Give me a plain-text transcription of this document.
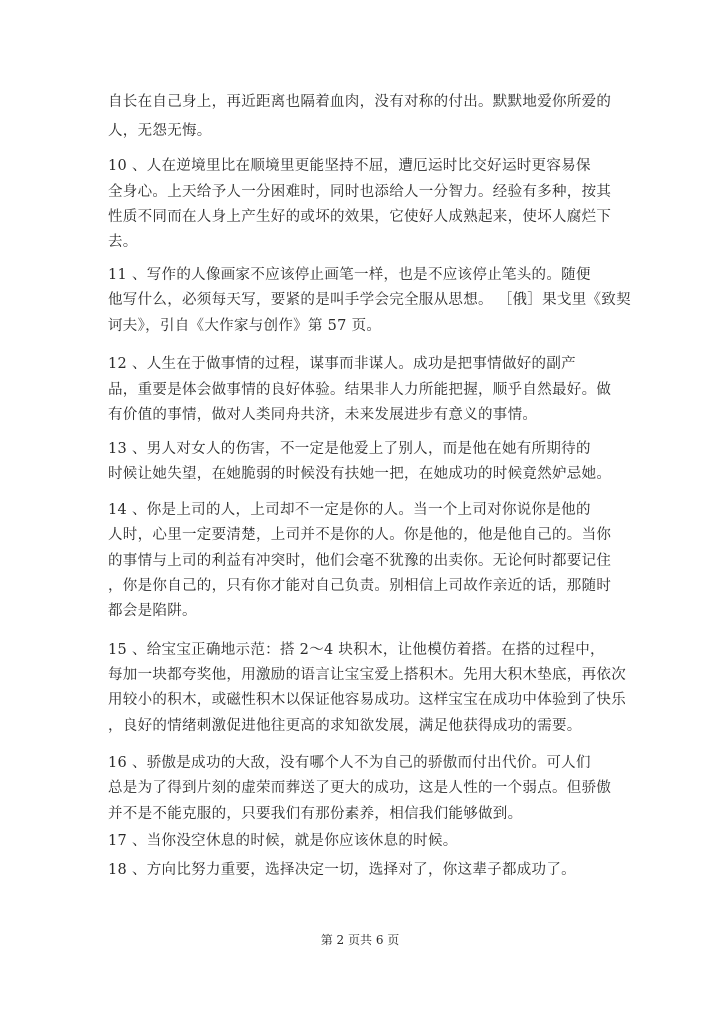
自长在自己身上，再近距离也隔着血肉，没有对称的付出。默默地爱你所爱的
人，无怨无悔。
10 、人在逆境里比在顺境里更能坚持不屈，遭厄运时比交好运时更容易保
全身心。上天给予人一分困难时，同时也添给人一分智力。经验有多种，按其
性质不同而在人身上产生好的或坏的效果，它使好人成熟起来，使坏人腐烂下
去。
11 、写作的人像画家不应该停止画笔一样，也是不应该停止笔头的。随便
他写什么，必须每天写，要紧的是叫手学会完全服从思想。 ［俄］果戈里《致契
诃夫》，引自《大作家与创作》第 57 页。
12 、人生在于做事情的过程，谋事而非谋人。成功是把事情做好的副产
品，重要是体会做事情的良好体验。结果非人力所能把握，顺乎自然最好。做
有价值的事情，做对人类同舟共济，未来发展进步有意义的事情。
13 、男人对女人的伤害，不一定是他爱上了别人，而是他在她有所期待的
时候让她失望，在她脆弱的时候没有扶她一把，在她成功的时候竟然妒忌她。
14 、你是上司的人，上司却不一定是你的人。当一个上司对你说你是他的
人时，心里一定要清楚，上司并不是你的人。你是他的，他是他自己的。当你
的事情与上司的利益有冲突时，他们会毫不犹豫的出卖你。无论何时都要记住
，你是你自己的，只有你才能对自己负责。别相信上司故作亲近的话，那随时
都会是陷阱。
15 、给宝宝正确地示范：搭 2～4 块积木，让他模仿着搭。在搭的过程中，
每加一块都夸奖他，用激励的语言让宝宝爱上搭积木。先用大积木垫底，再依次
用较小的积木，或磁性积木以保证他容易成功。这样宝宝在成功中体验到了快乐
，良好的情绪刺激促进他往更高的求知欲发展，满足他获得成功的需要。
16 、骄傲是成功的大敌，没有哪个人不为自己的骄傲而付出代价。可人们
总是为了得到片刻的虚荣而葬送了更大的成功，这是人性的一个弱点。但骄傲
并不是不能克服的，只要我们有那份素养，相信我们能够做到。
17 、当你没空休息的时候，就是你应该休息的时候。
18 、方向比努力重要，选择决定一切，选择对了，你这辈子都成功了。
第 2 页共 6 页
